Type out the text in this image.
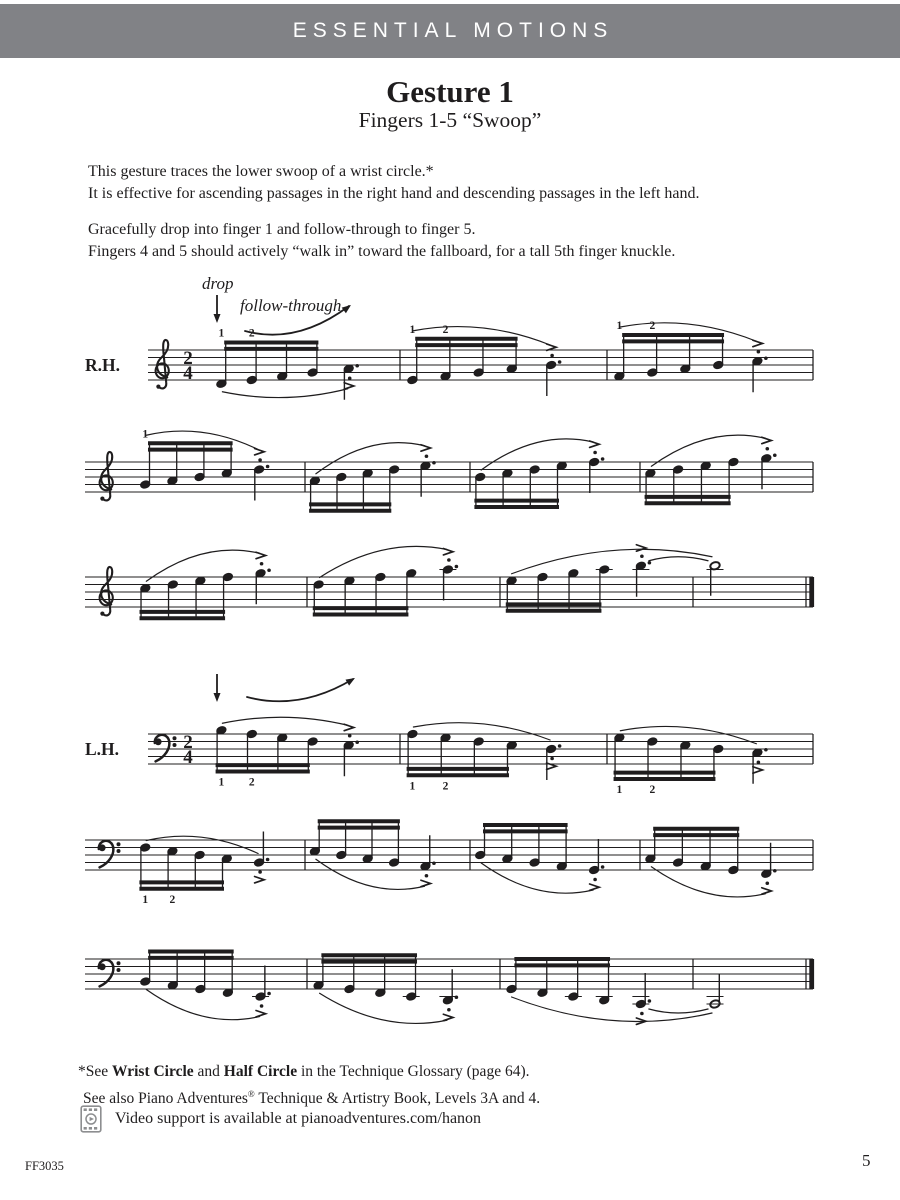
ESSENTIAL MOTIONS
Gesture 1
Fingers 1-5 “Swoop”
This gesture traces the lower swoop of a wrist circle.*
It is effective for ascending passages in the right hand and descending passages in the left hand.
Gracefully drop into finger 1 and follow-through to finger 5.
Fingers 4 and 5 should actively “walk in” toward the fallboard, for a tall 5th finger knuckle.
2
4
1 2	1 2	1 2
1
2
4
1 2	1 2	1 2
1 2
R.H.
L.H.
drop
follow-through
*See Wrist Circle and Half Circle in the Technique Glossary (page 64).
See also Piano Adventures® Technique & Artistry Book, Levels 3A and 4.
Video support is available at pianoadventures.com/hanon
FF3035	5
